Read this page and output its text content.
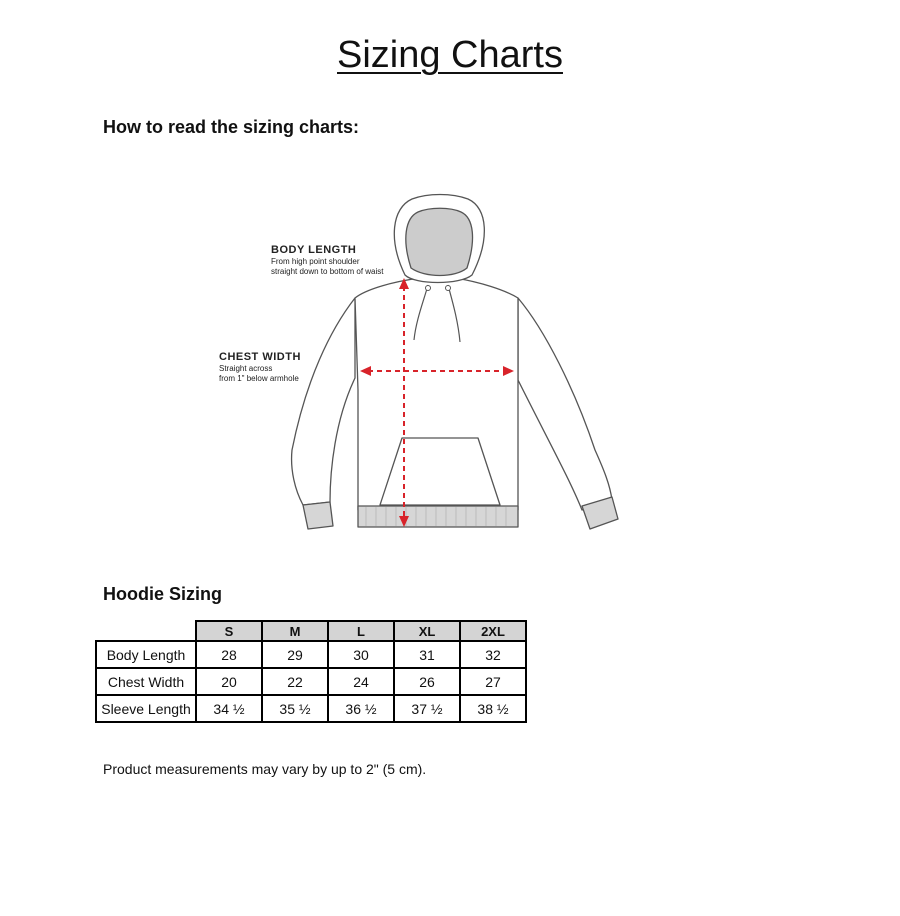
Sizing Charts
How to read the sizing charts:
BODY LENGTH
From high point shoulder
straight down to bottom of waist
CHEST WIDTH
Straight across
from 1" below armhole
Hoodie Sizing
	S	M	L	XL	2XL
Body Length	28	29	30	31	32
Chest Width	20	22	24	26	27
Sleeve Length	34 ½	35 ½	36 ½	37 ½	38 ½
Product measurements may vary by up to 2" (5 cm).
